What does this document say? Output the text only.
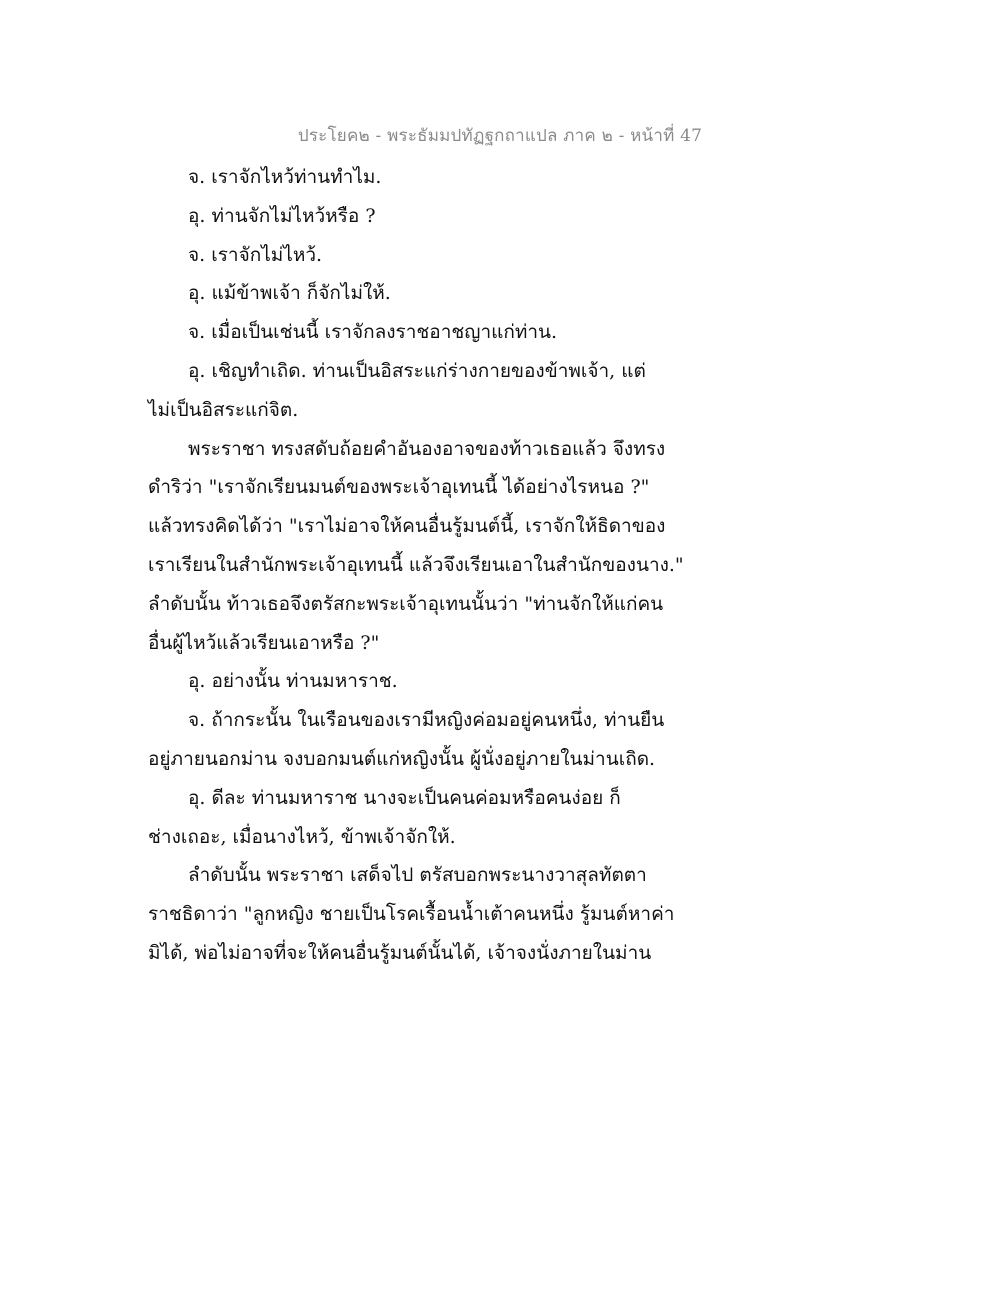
ประโยค๒ - พระธัมมปทัฏฐกถาแปล ภาค ๒ - หน้าที่ 47
จ. เราจักไหว้ท่านทำไม.
อุ. ท่านจักไม่ไหว้หรือ ?
จ. เราจักไม่ไหว้.
อุ. แม้ข้าพเจ้า ก็จักไม่ให้.
จ. เมื่อเป็นเช่นนี้ เราจักลงราชอาชญาแก่ท่าน.
อุ. เชิญทำเถิด. ท่านเป็นอิสระแก่ร่างกายของข้าพเจ้า, แต่
ไม่เป็นอิสระแก่จิต.
พระราชา ทรงสดับถ้อยคำอันองอาจของท้าวเธอแล้ว จึงทรง
ดำริว่า "เราจักเรียนมนต์ของพระเจ้าอุเทนนี้ ได้อย่างไรหนอ ?"
แล้วทรงคิดได้ว่า "เราไม่อาจให้คนอื่นรู้มนต์นี้, เราจักให้ธิดาของ
เราเรียนในสำนักพระเจ้าอุเทนนี้ แล้วจึงเรียนเอาในสำนักของนาง."
ลำดับนั้น ท้าวเธอจึงตรัสกะพระเจ้าอุเทนนั้นว่า "ท่านจักให้แก่คน
อื่นผู้ไหว้แล้วเรียนเอาหรือ ?"
อุ. อย่างนั้น ท่านมหาราช.
จ. ถ้ากระนั้น ในเรือนของเรามีหญิงค่อมอยู่คนหนึ่ง, ท่านยืน
อยู่ภายนอกม่าน จงบอกมนต์แก่หญิงนั้น ผู้นั่งอยู่ภายในม่านเถิด.
อุ. ดีละ ท่านมหาราช นางจะเป็นคนค่อมหรือคนง่อย ก็
ช่างเถอะ, เมื่อนางไหว้, ข้าพเจ้าจักให้.
ลำดับนั้น พระราชา เสด็จไป ตรัสบอกพระนางวาสุลทัตตา
ราชธิดาว่า "ลูกหญิง ชายเป็นโรคเรื้อนน้ำเต้าคนหนึ่ง รู้มนต์หาค่า
มิได้, พ่อไม่อาจที่จะให้คนอื่นรู้มนต์นั้นได้, เจ้าจงนั่งภายในม่าน
